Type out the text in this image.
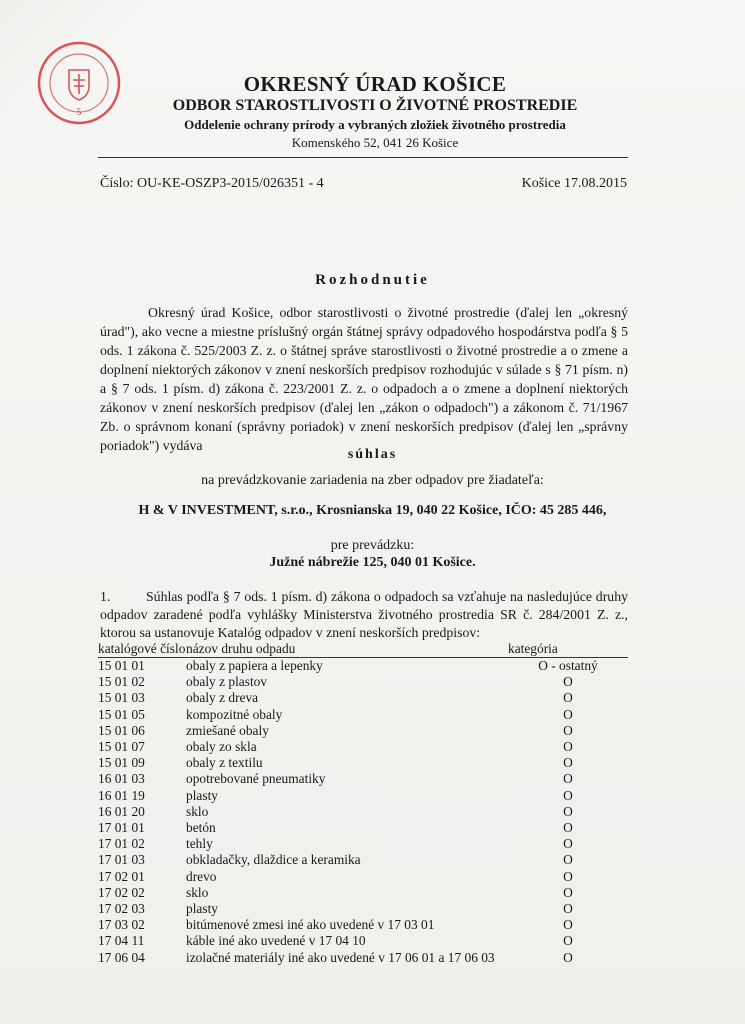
5
OKRESNÝ ÚRAD KOŠICE
ODBOR STAROSTLIVOSTI O ŽIVOTNÉ PROSTREDIE
Oddelenie ochrany prírody a vybraných zložiek životného prostredia
Komenského 52, 041 26 Košice
Číslo: OU-KE-OSZP3-2015/026351 - 4	Košice 17.08.2015
Rozhodnutie
Okresný úrad Košice, odbor starostlivosti o životné prostredie (ďalej len „okresný úrad"), ako vecne a miestne príslušný orgán štátnej správy odpadového hospodárstva podľa § 5 ods. 1 zákona č. 525/2003 Z. z. o štátnej správe starostlivosti o životné prostredie a o zmene a doplnení niektorých zákonov v znení neskorších predpisov rozhodujúc v súlade s § 71 písm. n) a § 7 ods. 1 písm. d) zákona č. 223/2001 Z. z. o odpadoch a o zmene a doplnení niektorých zákonov v znení neskorších predpisov (ďalej len „zákon o odpadoch") a zákonom č. 71/1967 Zb. o správnom konaní (správny poriadok) v znení neskorších predpisov (ďalej len „správny poriadok") vydáva
súhlas
na prevádzkovanie zariadenia na zber odpadov pre žiadateľa:
H & V INVESTMENT, s.r.o., Krosnianska 19, 040 22 Košice, IČO: 45 285 446,
pre prevádzku:
Južné nábrežie 125, 040 01 Košice.
1.	Súhlas podľa § 7 ods. 1 písm. d) zákona o odpadoch sa vzťahuje na nasledujúce druhy odpadov zaradené podľa vyhlášky Ministerstva životného prostredia SR č. 284/2001 Z. z., ktorou sa ustanovuje Katalóg odpadov v znení neskorších predpisov:
katalógové číslo	názov druhu odpadu	kategória
15 01 01	obaly z papiera a lepenky	O - ostatný
15 01 02	obaly z plastov	O
15 01 03	obaly z dreva	O
15 01 05	kompozitné obaly	O
15 01 06	zmiešané obaly	O
15 01 07	obaly zo skla	O
15 01 09	obaly z textilu	O
16 01 03	opotrebované pneumatiky	O
16 01 19	plasty	O
16 01 20	sklo	O
17 01 01	betón	O
17 01 02	tehly	O
17 01 03	obkladačky, dlaždice a keramika	O
17 02 01	drevo	O
17 02 02	sklo	O
17 02 03	plasty	O
17 03 02	bitúmenové zmesi iné ako uvedené v 17 03 01	O
17 04 11	káble iné ako uvedené v 17 04 10	O
17 06 04	izolačné materiály iné ako uvedené v 17 06 01 a 17 06 03	O
